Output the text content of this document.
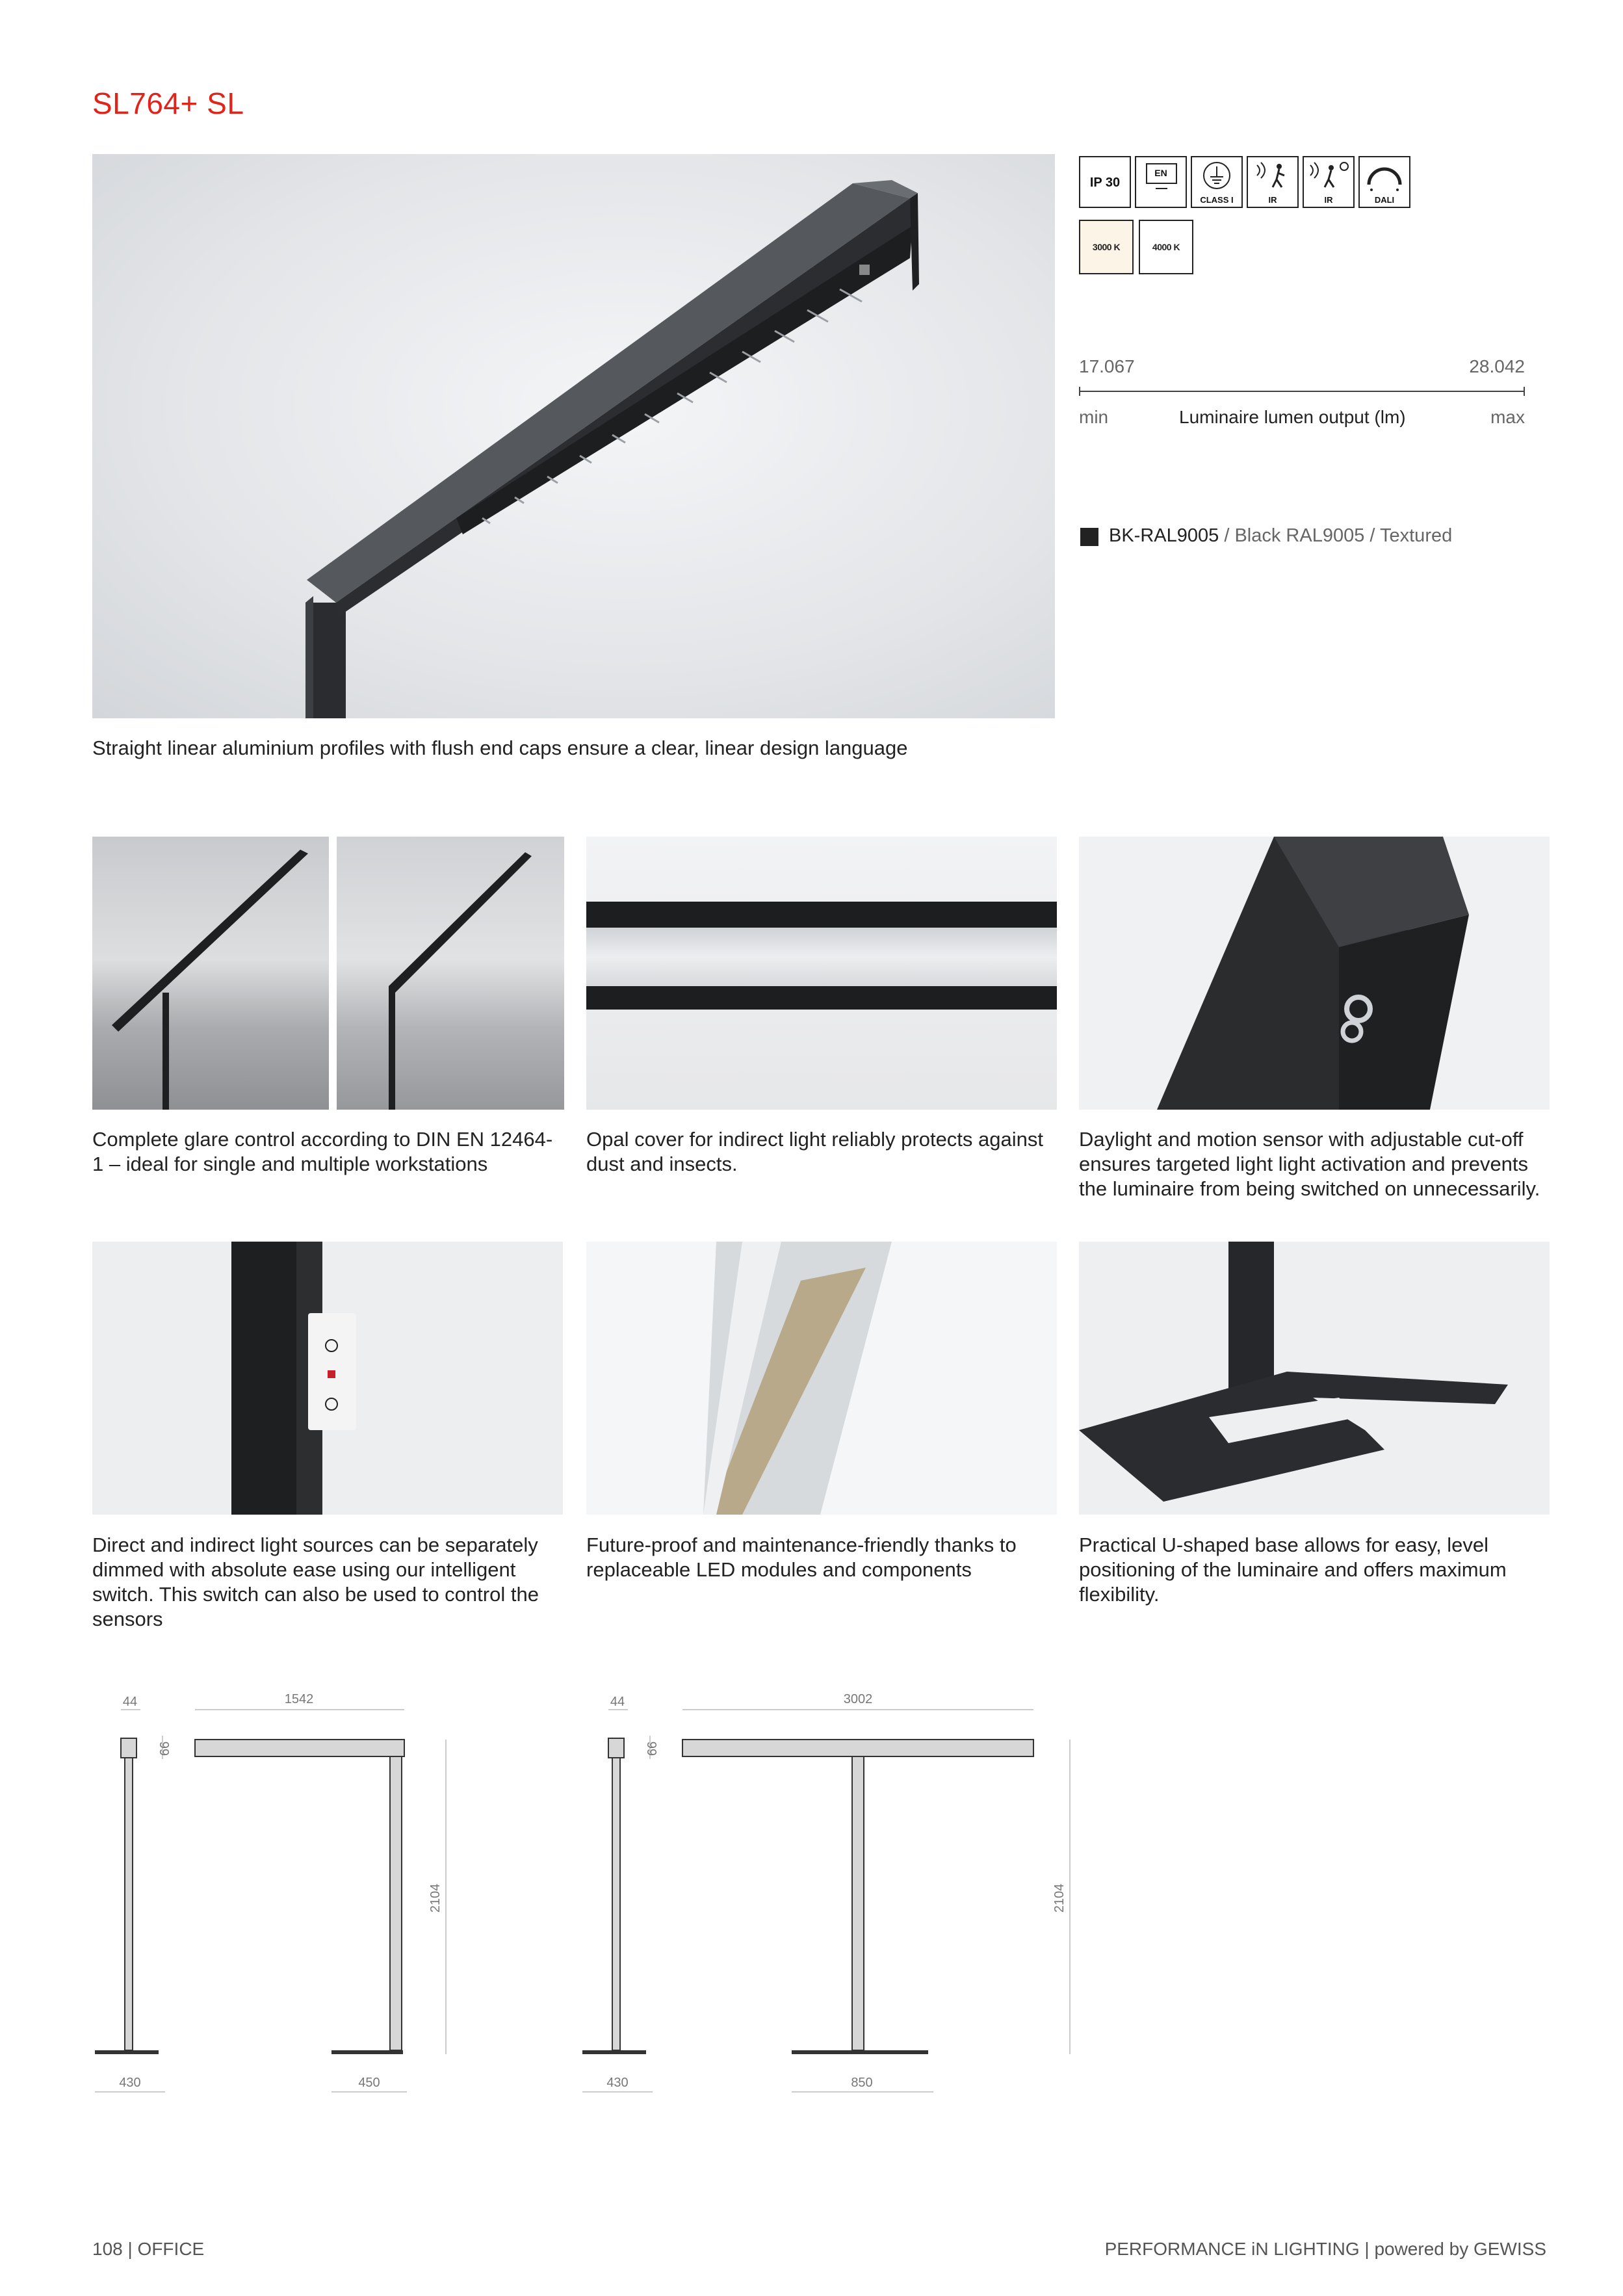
SL764+ SL
IP 30
EN
CLASS I	IR	IR	DALI
3000 K	4000 K
17.067	28.042
min	Luminaire lumen output (lm)	max
BK-RAL9005 / Black RAL9005 / Textured
Straight linear aluminium profiles with flush end caps ensure a clear, linear design language
Complete glare control according to DIN EN 12464-1 – ideal for single and multiple workstations
Opal cover for indirect light reliably protects against dust and insects.
Daylight and motion sensor with adjustable cut-off ensures targeted light light activation and prevents the luminaire from being switched on unnecessarily.
Direct and indirect light sources can be separately dimmed with absolute ease using our intelligent switch. This switch can also be used to control the sensors
Future-proof and maintenance-friendly thanks to replaceable LED modules and components
Practical U-shaped base allows for easy, level positioning of the luminaire and offers maximum flexibility.
44	1542
66
2104
430	450
44	3002
66
2104
430	850
108 | OFFICE	PERFORMANCE iN LIGHTING | powered by GEWISS
